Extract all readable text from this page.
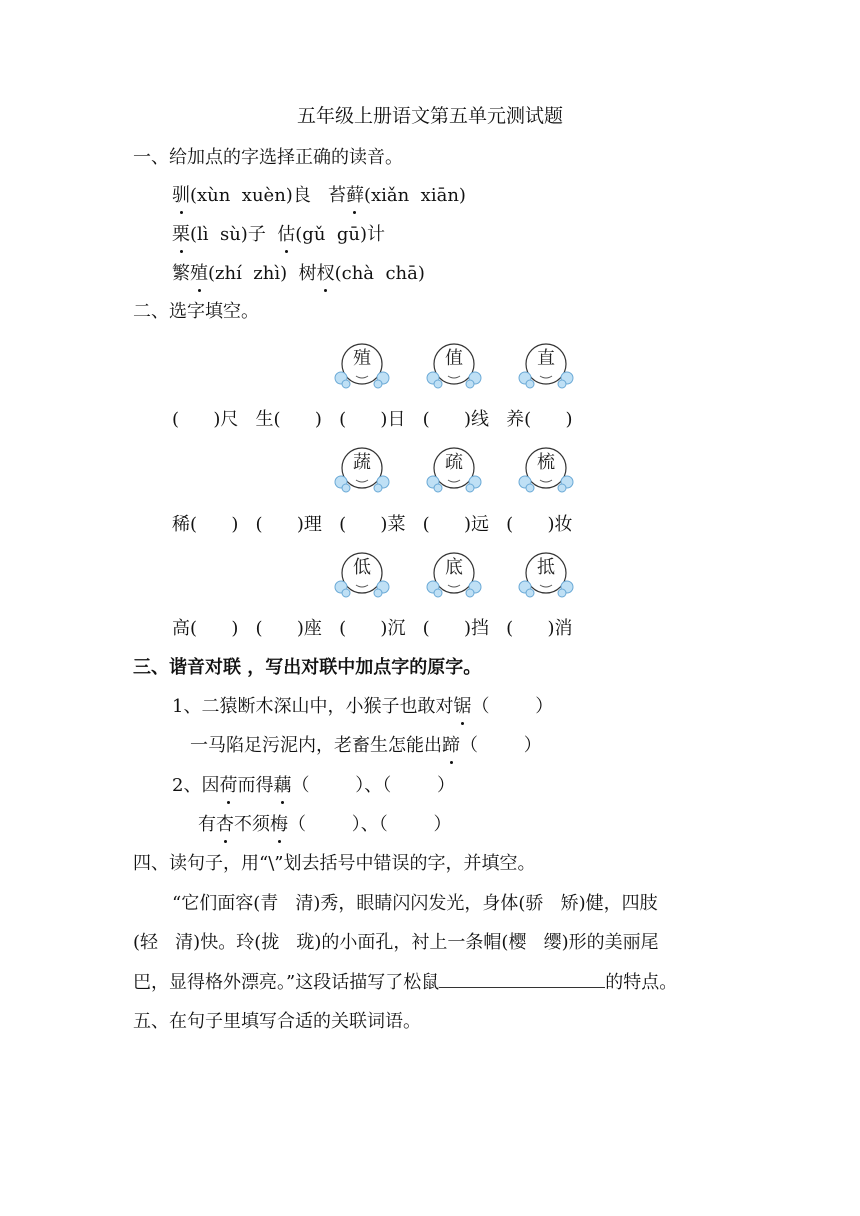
五年级上册语文第五单元测试题
一、给加点的字选择正确的读音。
驯(xùn  xuèn)良   苔藓(xiǎn  xiān)
栗(lì  sù)子  估(gǔ  gū)计
繁殖(zhí  zhì)  树杈(chà  chā)
二、选字填空。
殖	值	直
(      )尺   生(      )   (      )日   (      )线   养(      )
蔬	疏	梳
稀(      )   (      )理   (      )菜   (      )远   (      )妆
低	底	抵
高(      )   (      )座   (      )沉   (      )挡   (      )消
三、谐音对联 ，写出对联中加点字的原字。
1、二猿断木深山中，小猴子也敢对锯（        ）
一马陷足污泥内，老畜生怎能出蹄（        ）
2、因荷而得藕（        ）、（        ）
有杏不须梅（        ）、（        ）
四、读句子，用“\”划去括号中错误的字，并填空。
“它们面容(青   清)秀，眼睛闪闪发光，身体(骄   矫)健，四肢
(轻   清)快。玲(拢   珑)的小面孔，衬上一条帽(樱   缨)形的美丽尾
巴，显得格外漂亮。”这段话描写了松鼠	的特点。
五、在句子里填写合适的关联词语。
